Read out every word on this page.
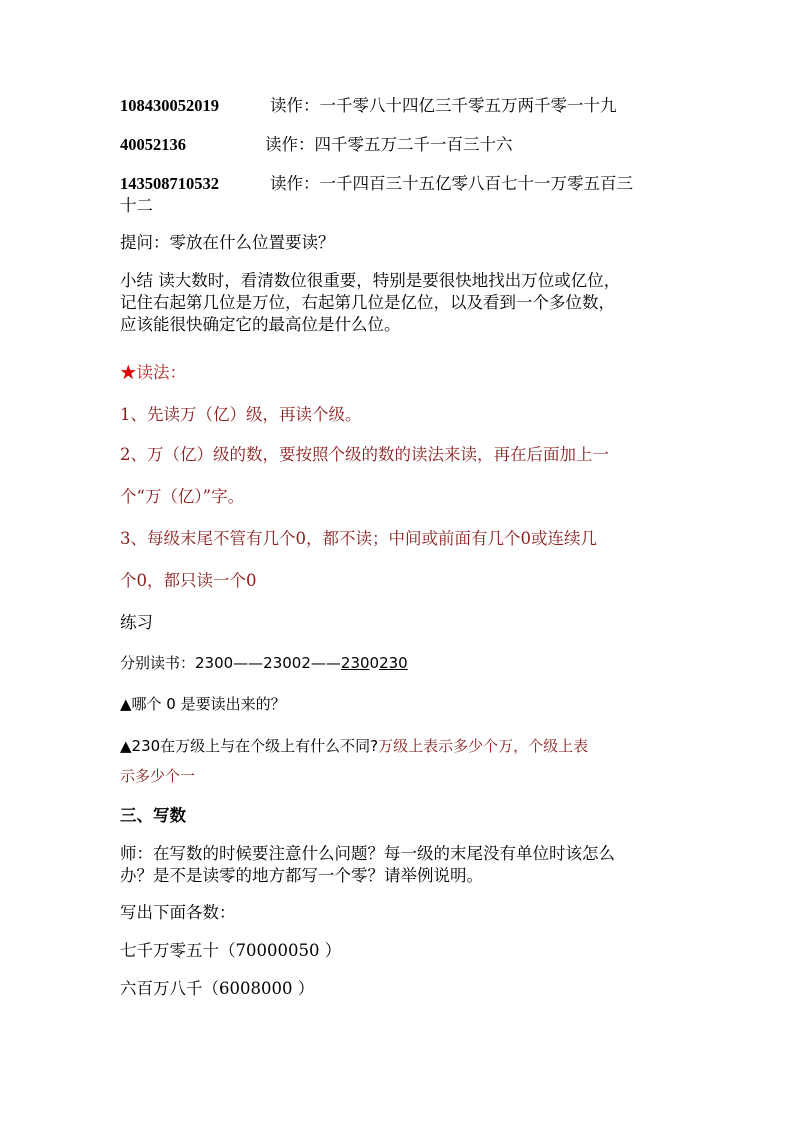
108430052019	读作：一千零八十四亿三千零五万两千零一十九
40052136	读作：四千零五万二千一百三十六
143508710532	读作：一千四百三十五亿零八百七十一万零五百三
十二
提问：零放在什么位置要读？
小结 读大数时，看清数位很重要，特别是要很快地找出万位或亿位，
记住右起第几位是万位，右起第几位是亿位，以及看到一个多位数，
应该能很快确定它的最高位是什么位。
★读法：
1、先读万（亿）级，再读个级。
2、万（亿）级的数，要按照个级的数的读法来读，再在后面加上一
个“万（亿）”字。
3、每级末尾不管有几个0，都不读；中间或前面有几个0或连续几
个0，都只读一个0
练习
分别读书：2300——23002——2300230
▲哪个 0 是要读出来的？
▲230在万级上与在个级上有什么不同?万级上表示多少个万，个级上表
示多少个一
三、写数
师：在写数的时候要注意什么问题？每一级的末尾没有单位时该怎么
办？是不是读零的地方都写一个零？请举例说明。
写出下面各数：
七千万零五十（70000050 ）
六百万八千（6008000 ）
